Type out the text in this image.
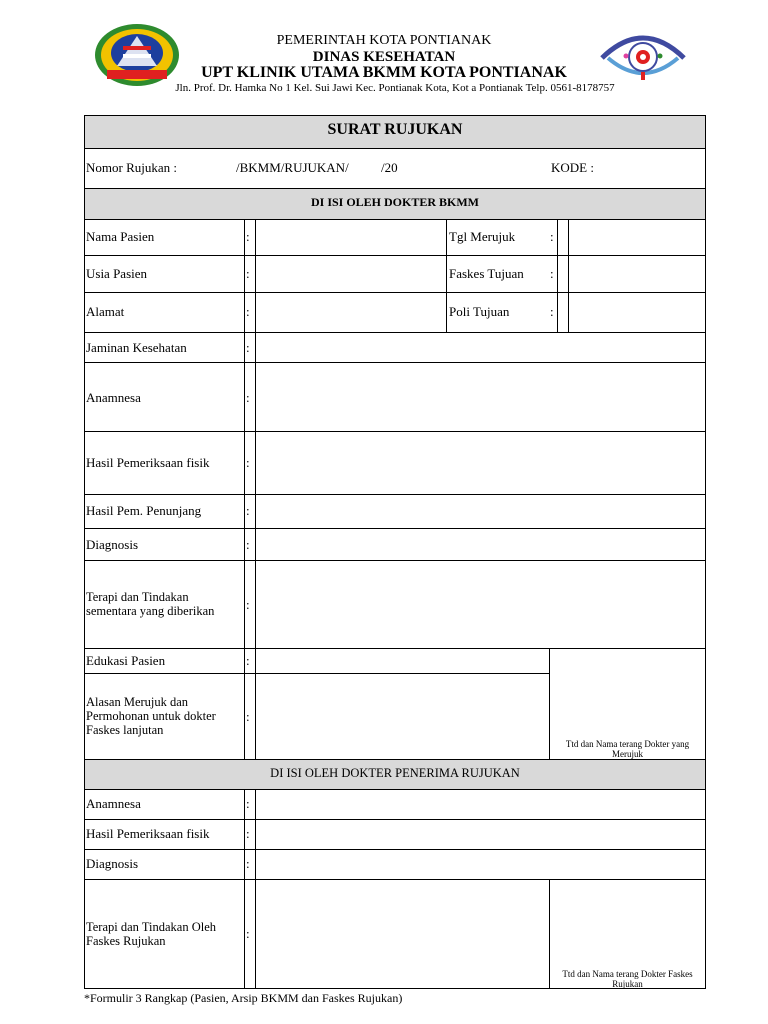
PEMERINTAH KOTA PONTIANAK
DINAS KESEHATAN
UPT KLINIK UTAMA BKMM KOTA PONTIANAK
Jln. Prof. Dr. Hamka No 1 Kel. Sui Jawi Kec. Pontianak Kota, Kot a Pontianak Telp. 0561-8178757
SURAT RUJUKAN
Nomor Rujukan :	/BKMM/RUJUKAN/ /20	KODE :
DI ISI OLEH DOKTER BKMM
Nama Pasien
Usia Pasien
Alamat
Jaminan Kesehatan
Anamnesa
Hasil Pemeriksaan fisik
Hasil Pem. Penunjang
Diagnosis
Terapi dan Tindakan
sementara yang diberikan
Edukasi Pasien
Alasan Merujuk dan
Permohonan untuk dokter
Faskes lanjutan
:
:
:
:
:
:
:
:
:
:
:
Tgl Merujuk
Faskes Tujuan
Poli Tujuan
:
:
:
Ttd dan Nama terang Dokter yang
Merujuk
DI ISI OLEH DOKTER PENERIMA RUJUKAN
Anamnesa
Hasil Pemeriksaan fisik
Diagnosis
Terapi dan Tindakan Oleh
Faskes Rujukan
:
:
:
:
Ttd dan Nama terang Dokter Faskes
Rujukan
*Formulir 3 Rangkap (Pasien, Arsip BKMM dan Faskes Rujukan)
